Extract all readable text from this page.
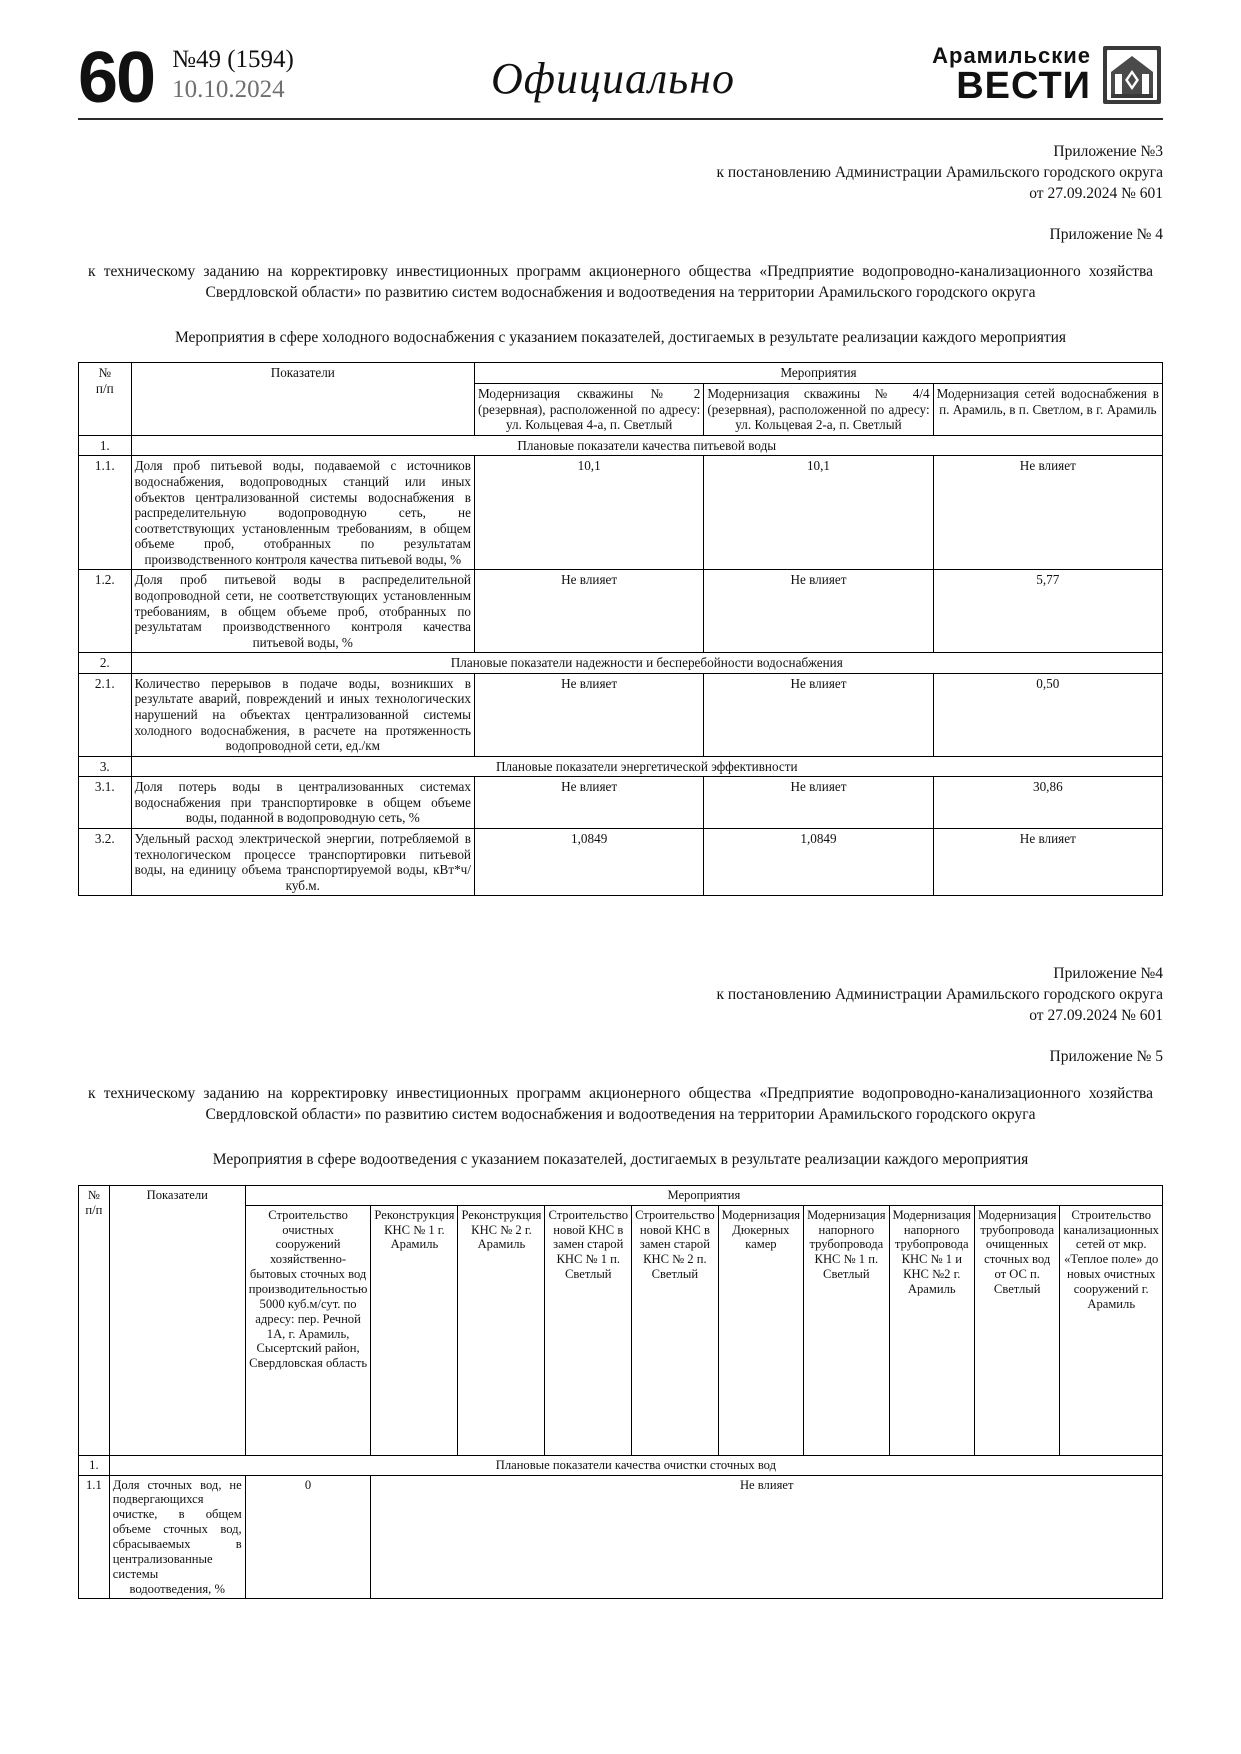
60 №49 (1594)
10.10.2024	Официально	Арамильские
ВЕСТИ
Приложение №3
к постановлению Администрации Арамильского городского округа
от 27.09.2024 № 601
Приложение № 4
к техническому заданию на корректировку инвестиционных программ акционерного общества «Предприятие водопроводно-канализационного хозяйства Свердловской области» по развитию систем водоснабжения и водоотведения на территории Арамильского городского округа
Мероприятия в сфере холодного водоснабжения с указанием показателей, достигаемых в результате реализации каждого мероприятия
№
п/п	Показатели	Мероприятия		
		Модернизация скважины № 2 (резервная), расположенной по адресу: ул. Кольцевая 4-а, п. Светлый	Модернизация скважины № 4/4 (резервная), расположенной по адресу: ул. Кольцевая 2-а, п. Светлый	Модернизация сетей водоснабжения в п. Арамиль, в п. Светлом, в г. Арамиль
1.	Плановые показатели качества питьевой воды			
1.1.	Доля проб питьевой воды, подаваемой с источников водоснабжения, водопроводных станций или иных объектов централизованной системы водоснабжения в распределительную водопроводную сеть, не соответствующих установленным требованиям, в общем объеме проб, отобранных по результатам производственного контроля качества питьевой воды, %	10,1	10,1	Не влияет
1.2.	Доля проб питьевой воды в распределительной водопроводной сети, не соответствующих установленным требованиям, в общем объеме проб, отобранных по результатам производственного контроля качества питьевой воды, %	Не влияет	Не влияет	5,77
2.	Плановые показатели надежности и бесперебойности водоснабжения			
2.1.	Количество перерывов в подаче воды, возникших в результате аварий, повреждений и иных технологических нарушений на объектах централизованной системы холодного водоснабжения, в расчете на протяженность водопроводной сети, ед./км	Не влияет	Не влияет	0,50
3.	Плановые показатели энергетической эффективности			
3.1.	Доля потерь воды в централизованных системах водоснабжения при транспортировке в общем объеме воды, поданной в водопроводную сеть, %	Не влияет	Не влияет	30,86
3.2.	Удельный расход электрической энергии, потребляемой в технологическом процессе транспортировки питьевой воды, на единицу объема транспортируемой воды, кВт*ч/куб.м.	1,0849	1,0849	Не влияет
Приложение №4
к постановлению Администрации Арамильского городского округа
от 27.09.2024 № 601
Приложение № 5
к техническому заданию на корректировку инвестиционных программ акционерного общества «Предприятие водопроводно-канализационного хозяйства Свердловской области» по развитию систем водоснабжения и водоотведения на территории Арамильского городского округа
Мероприятия в сфере водоотведения с указанием показателей, достигаемых в результате реализации каждого мероприятия
№
п/п	Показатели	Мероприятия									
		Строительство очистных сооружений хозяйственно-бытовых сточных вод производительностью 5000 куб.м/сут. по адресу: пер. Речной 1А, г. Арамиль, Сысертский район, Свердловская область	Реконструкция КНС № 1 г. Арамиль	Реконструкция КНС № 2 г. Арамиль	Строительство новой КНС в замен старой КНС № 1 п. Светлый	Строительство новой КНС в замен старой КНС № 2 п. Светлый	Модернизация Дюкерных камер	Модернизация напорного трубопровода КНС № 1 п. Светлый	Модернизация напорного трубопровода КНС № 1 и КНС №2 г. Арамиль	Модернизация трубопровода очищенных сточных вод от ОС п. Светлый	Строительство канализационных сетей от мкр. «Теплое поле» до новых очистных сооружений г. Арамиль
1.	Плановые показатели качества очистки сточных вод										
1.1	Доля сточных вод, не подвергающихся очистке, в общем объеме сточных вод, сбрасываемых в централизованные системы водоотведения, %	0	Не влияет								
